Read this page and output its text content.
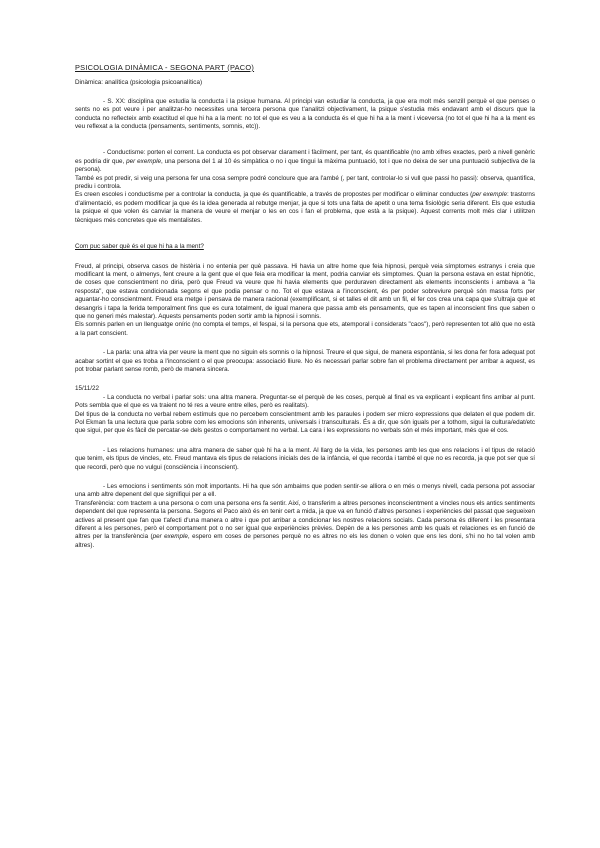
PSICOLOGIA DINÀMICA - SEGONA PART (PACO)
Dinàmica: analítica (psicologia psicoanalítica)

- S. XX: disciplina que estudia la conducta i la psique humana. Al principi van estudiar la conducta, ja que era molt més senzill perquè el que penses o sents no es pot veure i per analitzar-ho necessites una tercera persona que t'analitzi objectivament, la psique s'estudia més endavant amb el discurs que la conducta no reflecteix amb exactitud el que hi ha a la ment: no tot el que es veu a la conducta és el que hi ha a la ment i viceversa (no tot el que hi ha a la ment es veu reflexat a la conducta (pensaments, sentiments, somnis, etc)).

- Conductisme: porten el corrent. La conducta es pot observar clarament i fàcilment, per tant, és quantificable (no amb xifres exactes, però a nivell genèric es podria dir que, per exemple, una persona del 1 al 10 és simpàtica o no i que tingui la màxima puntuació, tot i que no deixa de ser una puntuació subjectiva de la persona).

També es pot predir, si veig una persona fer una cosa sempre podré concloure que ara l'ambé (, per tant, controlar-lo si vull que passi ho passi): observa, quantifica, prediu i controla.

Es creen escoles i conductisme per a controlar la conducta, ja que és quantificable, a través de propostes per modificar o eliminar conductes (per exemple: trastorns d'alimentació, es podem modificar ja que és la idea generada al rebutge menjar, ja que si tots una falta de apetit o una tema fisiològic seria diferent. Els que estudia la psique el que volen és canviar la manera de veure el menjar o les en cos i fan el problema, que està a la psique). Aquest corrents molt més clar i utilitzen tècniques més concretes que els mentalistes.

Com puc saber què és el que hi ha a la ment?

Freud, al principi, observa casos de histèria i no entenia per què passava. Hi havia un altre home que feia hipnosi, perquè veia símptomes estranys i creia que modificant la ment, o almenys, fent creure a la gent que el que feia era modificar la ment, podria canviar els símptomes. Quan la persona estava en estat hipnòtic, de coses que conscientment no diria, però que Freud va veure que hi havia elements que perduraven directament als elements inconscients i ambava a "la resposta", que estava condicionada segons el que podia pensar o no. Tot el que estava a l'inconscient, és per poder sobreviure perquè són massa forts per aguantar-ho conscientment. Freud era metge i pensava de manera racional (exemplificant, si et talles el dit amb un fil, el fer cos crea una capa que s'ultraja que et desangris i tapa la ferida temporalment fins que es cura totalment, de igual manera que passa amb els pensaments, que es tapen al inconscient fins que saben o que no generi més malestar). Aquests pensaments poden sortir amb la hipnosi i somnis.

Els somnis parlen en un llenguatge oníric (no compta el temps, el fespai, si la persona que ets, atemporal i considerats "caos"), però representen tot allò que no està a la part conscient.

- La parla: una altra via per veure la ment que no siguin els somnis o la hipnosi. Treure el que sigui, de manera espontània, si les dona fer fora adequat pot acabar sortint el que es troba a l'inconscient o el que preocupa: associació lliure. No és necessari parlar sobre fan el problema directament per arribar a aquest, es pot trobar parlant sense romb, però de manera sincera.

15/11/22

- La conducta no verbal i parlar sols: una altra manera. Preguntar-se el perquè de les coses, perquè al final es va explicant i explicant fins arribar al punt. Pots sembla que el que es va traient no té res a veure entre elles, però es realitats).

Del tipus de la conducta no verbal rebem estímuls que no percebem conscientment amb les paraules i podem ser micro expressions que delaten el que podem dir. Pol Ekman fa una lectura que parla sobre com les emocions són inherents, universals i transculturals. És a dir, que són iguals per a tothom, sigui la cultura/edat/etc que sigui, per que és fàcil de percatar-se dels gestos o comportament no verbal. La cara i les expressions no verbals són el més important, més que el cos.

- Les relacions humanes: una altra manera de saber què hi ha a la ment. Al llarg de la vida, les persones amb les que ens relacions i el tipus de relació que tenim, els tipus de vincles, etc. Freud mantava els tipus de relacions inicials des de la infància, el que recorda i també el que no es recorda, ja que pot ser que sí que recordi, però que no vulgui (consciència i inconscient).

- Les emocions i sentiments són molt importants. Hi ha que són ambaims que poden sentir-se alliora o en més o menys nivell, cada persona pot associar una amb altre depenent del que signifiqui per a ell.

Transferència: com tractem a una persona o com una persona ens fa sentir. Així, o transferim a altres persones inconscientment a vincles nous els antics sentiments dependent del que representa la persona. Segons el Paco això és en tenir cert a mida, ja que va en funció d'altres persones i experiències del passat que segueixen actives al present que fan que t'afecti d'una manera o altre i que pot arribar a condicionar les nostres relacions socials. Cada persona és diferent i les presentara diferent a les persones, però el comportament pot o no ser igual que experiències prèvies. Depèn de a les persones amb les quals et relaciones es en funció de altres per la transferència (per exemple, espero em coses de persones perquè no es altres no els les donen o volen que ens les doni, s'hi no ho tal volen amb altres).
